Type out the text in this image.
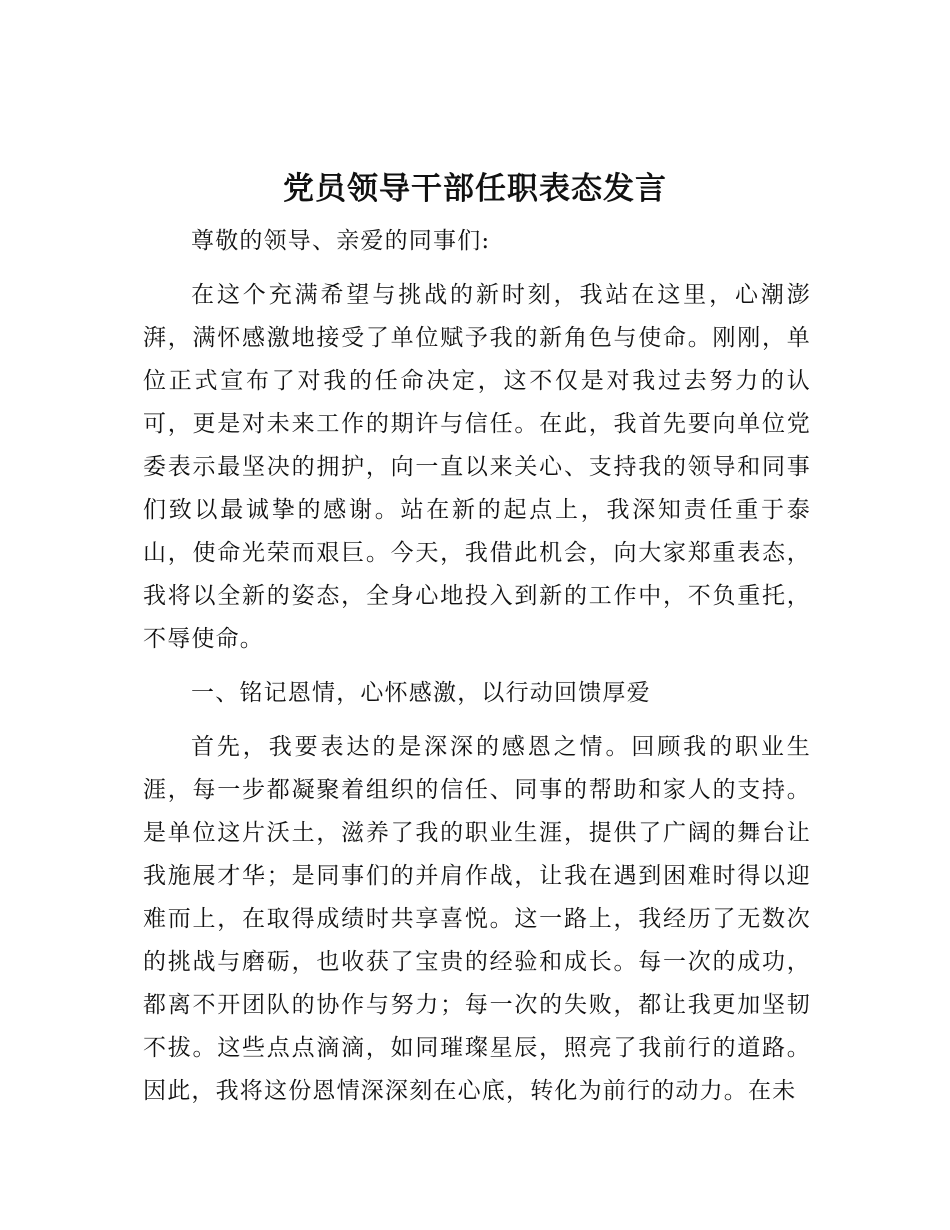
党员领导干部任职表态发言

尊敬的领导、亲爱的同事们:

在这个充满希望与挑战的新时刻，我站在这里，心潮澎湃，满怀感激地接受了单位赋予我的新角色与使命。刚刚，单位正式宣布了对我的任命决定，这不仅是对我过去努力的认可，更是对未来工作的期许与信任。在此，我首先要向单位党委表示最坚决的拥护，向一直以来关心、支持我的领导和同事们致以最诚挚的感谢。站在新的起点上，我深知责任重于泰山，使命光荣而艰巨。今天，我借此机会，向大家郑重表态，我将以全新的姿态，全身心地投入到新的工作中，不负重托，不辱使命。

一、铭记恩情，心怀感激，以行动回馈厚爱

首先，我要表达的是深深的感恩之情。回顾我的职业生涯，每一步都凝聚着组织的信任、同事的帮助和家人的支持。是单位这片沃土，滋养了我的职业生涯，提供了广阔的舞台让我施展才华；是同事们的并肩作战，让我在遇到困难时得以迎难而上，在取得成绩时共享喜悦。这一路上，我经历了无数次的挑战与磨砺，也收获了宝贵的经验和成长。每一次的成功，都离不开团队的协作与努力；每一次的失败，都让我更加坚韧不拔。这些点点滴滴，如同璀璨星辰，照亮了我前行的道路。因此，我将这份恩情深深刻在心底，转化为前行的动力。在未
